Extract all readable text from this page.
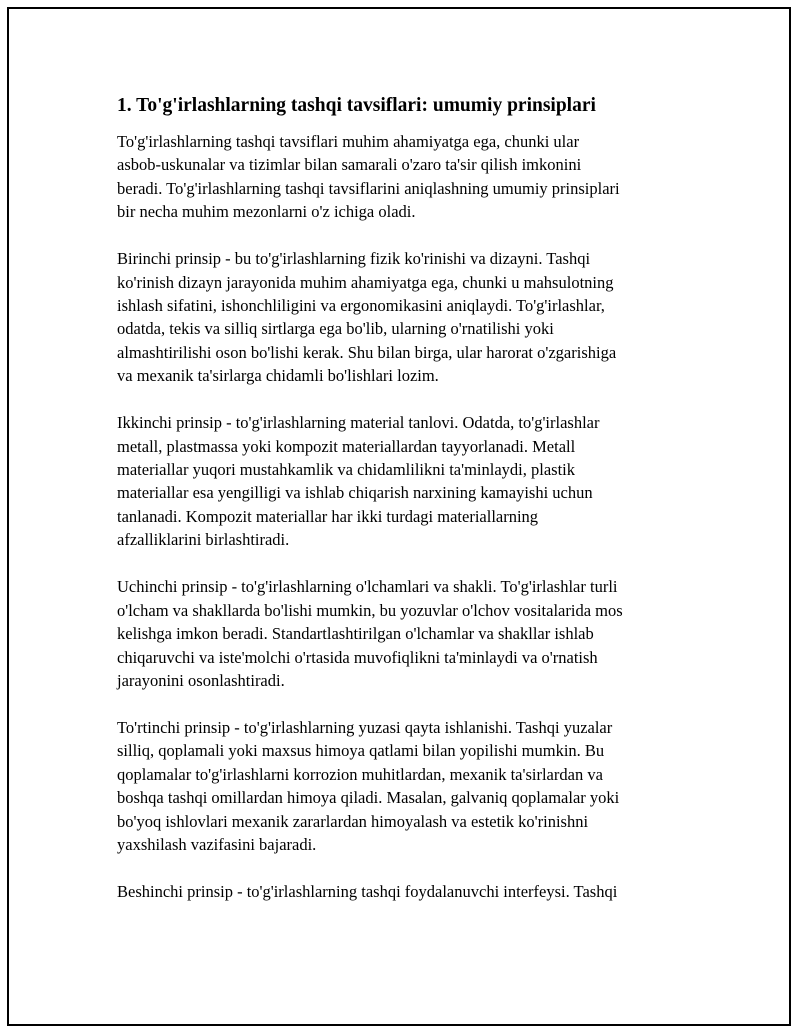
1. To'g'irlashlarning tashqi tavsiflari: umumiy prinsiplari

To'g'irlashlarning tashqi tavsiflari muhim ahamiyatga ega, chunki ular
asbob-uskunalar va tizimlar bilan samarali o'zaro ta'sir qilish imkonini
beradi. To'g'irlashlarning tashqi tavsiflarini aniqlashning umumiy prinsiplari
bir necha muhim mezonlarni o'z ichiga oladi.

Birinchi prinsip - bu to'g'irlashlarning fizik ko'rinishi va dizayni. Tashqi
ko'rinish dizayn jarayonida muhim ahamiyatga ega, chunki u mahsulotning
ishlash sifatini, ishonchliligini va ergonomikasini aniqlaydi. To'g'irlashlar,
odatda, tekis va silliq sirtlarga ega bo'lib, ularning o'rnatilishi yoki
almashtirilishi oson bo'lishi kerak. Shu bilan birga, ular harorat o'zgarishiga
va mexanik ta'sirlarga chidamli bo'lishlari lozim.

Ikkinchi prinsip - to'g'irlashlarning material tanlovi. Odatda, to'g'irlashlar
metall, plastmassa yoki kompozit materiallardan tayyorlanadi. Metall
materiallar yuqori mustahkamlik va chidamlilikni ta'minlaydi, plastik
materiallar esa yengilligi va ishlab chiqarish narxining kamayishi uchun
tanlanadi. Kompozit materiallar har ikki turdagi materiallarning
afzalliklarini birlashtiradi.

Uchinchi prinsip - to'g'irlashlarning o'lchamlari va shakli. To'g'irlashlar turli
o'lcham va shakllarda bo'lishi mumkin, bu yozuvlar o'lchov vositalarida mos
kelishga imkon beradi. Standartlashtirilgan o'lchamlar va shakllar ishlab
chiqaruvchi va iste'molchi o'rtasida muvofiqlikni ta'minlaydi va o'rnatish
jarayonini osonlashtiradi.

To'rtinchi prinsip - to'g'irlashlarning yuzasi qayta ishlanishi. Tashqi yuzalar
silliq, qoplamali yoki maxsus himoya qatlami bilan yopilishi mumkin. Bu
qoplamalar to'g'irlashlarni korrozion muhitlardan, mexanik ta'sirlardan va
boshqa tashqi omillardan himoya qiladi. Masalan, galvaniq qoplamalar yoki
bo'yoq ishlovlari mexanik zararlardan himoyalash va estetik ko'rinishni
yaxshilash vazifasini bajaradi.

Beshinchi prinsip - to'g'irlashlarning tashqi foydalanuvchi interfeysi. Tashqi
